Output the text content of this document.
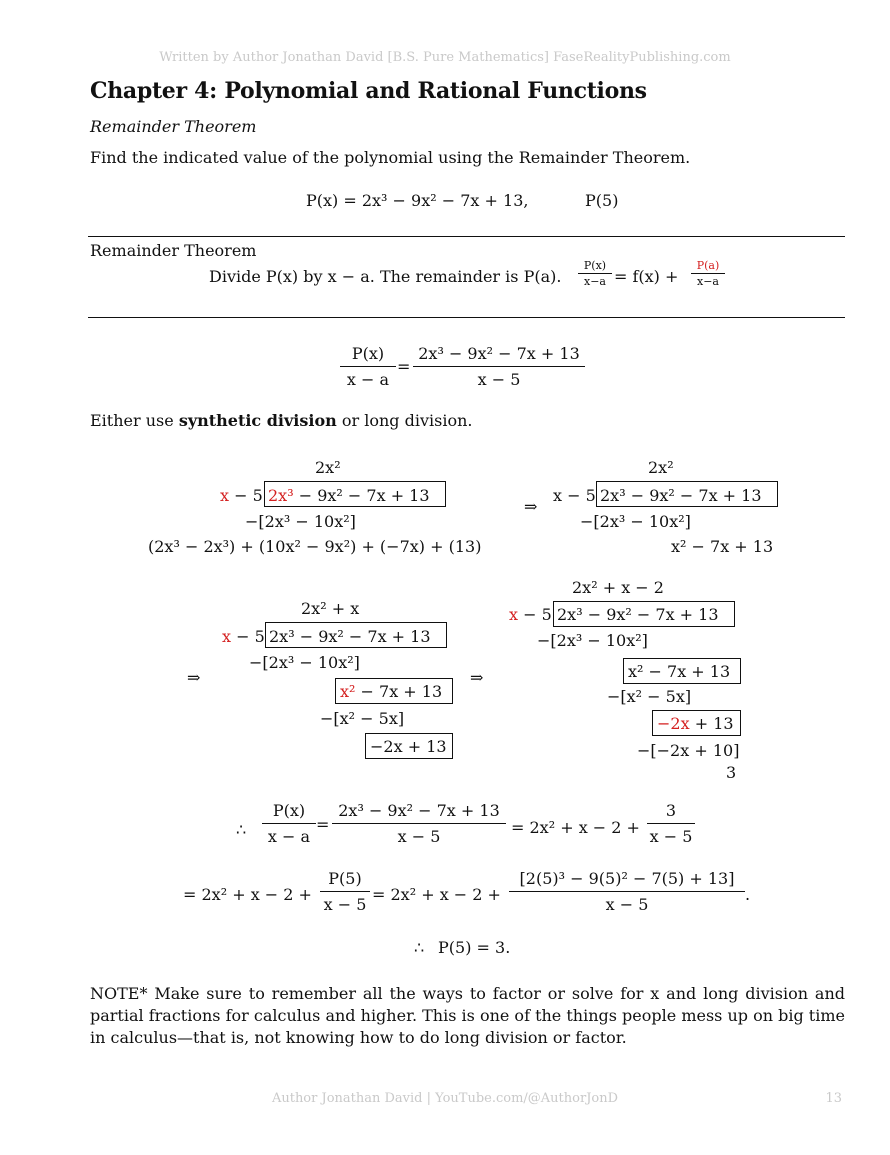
Written by Author Jonathan David [B.S. Pure Mathematics] FaseRealityPublishing.com
Chapter 4: Polynomial and Rational Functions
Remainder Theorem
Find the indicated value of the polynomial using the Remainder Theorem.
P(x) = 2x³ − 9x² − 7x + 13,	P(5)
Remainder Theorem
Divide P(x) by x − a. The remainder is P(a).
P(x)
x−a = f(x) +
P(a)
x−a
P(x)
x − a
=
2x³ − 9x² − 7x + 13
x − 5
Either use synthetic division or long division.
2x²
x − 5 2x³ − 9x² − 7x + 13
−[2x³ − 10x²]
(2x³ − 2x³) + (10x² − 9x²) + (−7x) + (13)
⇒
2x²
x − 5 2x³ − 9x² − 7x + 13
−[2x³ − 10x²]
x² − 7x + 13
2x² + x
x − 5 2x³ − 9x² − 7x + 13
−[2x³ − 10x²]
⇒
x² − 7x + 13
−[x² − 5x]
−2x + 13
⇒
2x² + x − 2
x − 5 2x³ − 9x² − 7x + 13
−[2x³ − 10x²]
x² − 7x + 13
−[x² − 5x]
−2x + 13
−[−2x + 10]
3
∴
P(x)
x − a
=
2x³ − 9x² − 7x + 13
x − 5	= 2x² + x − 2 +
3
x − 5
= 2x² + x − 2 +
P(5)
x − 5
= 2x² + x − 2 +
[2(5)³ − 9(5)² − 7(5) + 13]
x − 5
.
∴ P(5) = 3.
NOTE* Make sure to remember all the ways to factor or solve for x and long division and partial fractions for calculus and higher. This is one of the things people mess up on big time in calculus—that is, not knowing how to do long division or factor.
Author Jonathan David | YouTube.com/@AuthorJonD	13
